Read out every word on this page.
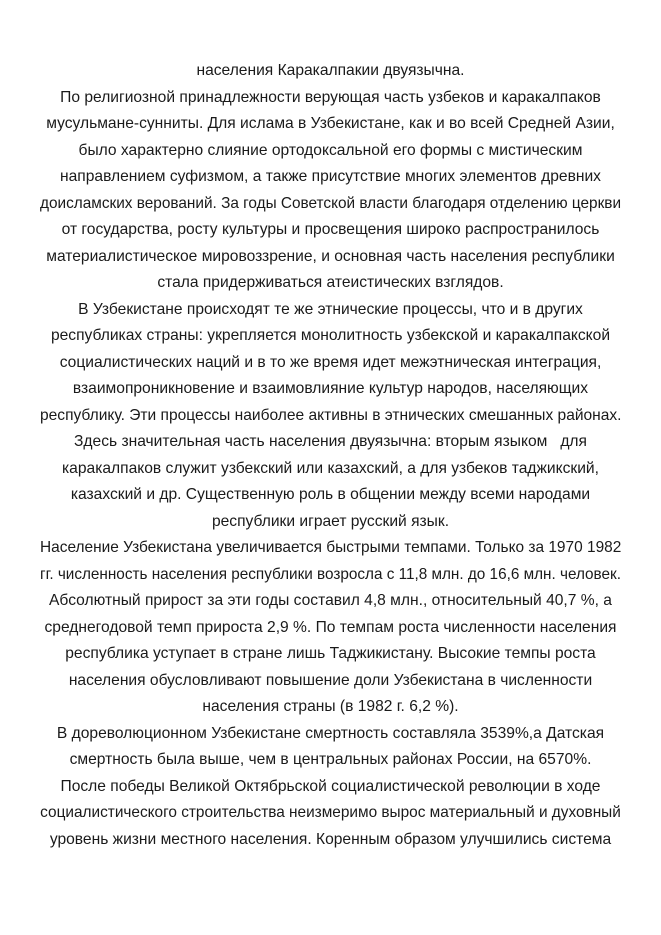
населения Каракалпакии двуязычна.
По религиозной принадлежности верующая часть узбеков и каракалпаков
мусульмане-сунниты. Для ислама в Узбекистане, как и во всей Средней Азии,
было характерно слияние ортодоксальной его формы с мистическим
направлением суфизмом, а также присутствие многих элементов древних
доисламских верований. За годы Советской власти благодаря отделению церкви
от государства, росту культуры и просвещения широко распространилось
материалистическое мировоззрение, и основная часть населения республики
стала придерживаться атеистических взглядов.
В Узбекистане происходят те же этнические процессы, что и в других
республиках страны: укрепляется монолитность узбекской и каракалпакской
социалистических наций и в то же время идет межэтническая интеграция,
взаимопроникновение и взаимовлияние культур народов, населяющих
республику. Эти процессы наиболее активны в этнических смешанных районах.
Здесь значительная часть населения двуязычна: вторым языком   для
каракалпаков служит узбекский или казахский, а для узбеков таджикский,
казахский и др. Существенную роль в общении между всеми народами
республики играет русский язык.
Население Узбекистана увеличивается быстрыми темпами. Только за 1970 1982
гг. численность населения республики возросла с 11,8 млн. до 16,6 млн. человек.
Абсолютный прирост за эти годы составил 4,8 млн., относительный 40,7 %, а
среднегодовой темп прироста 2,9 %. По темпам роста численности населения
республика уступает в стране лишь Таджикистану. Высокие темпы роста
населения обусловливают повышение доли Узбекистана в численности
населения страны (в 1982 г. 6,2 %).
В дореволюционном Узбекистане смертность составляла 3539%,а Датская
смертность была выше, чем в центральных районах России, на 6570%.
После победы Великой Октябрьской социалистической революции в ходе
социалистического строительства неизмеримо вырос материальный и духовный
уровень жизни местного населения. Коренным образом улучшились система
